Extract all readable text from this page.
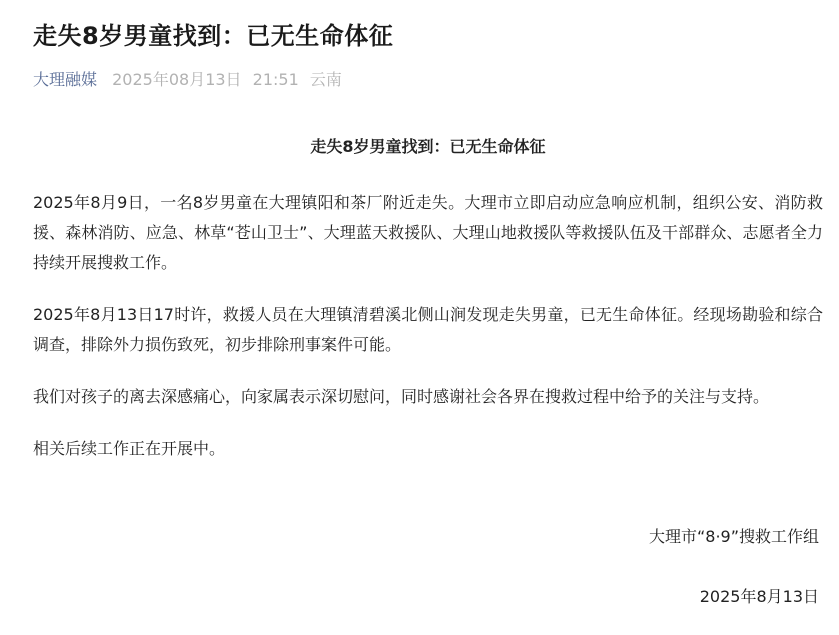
走失8岁男童找到：已无生命体征
大理融媒 2025年08月13日 21:51 云南
走失8岁男童找到：已无生命体征

2025年8月9日，一名8岁男童在大理镇阳和茶厂附近走失。大理市立即启动应急响应机制，组织公安、消防救援、森林消防、应急、林草“苍山卫士”、大理蓝天救援队、大理山地救援队等救援队伍及干部群众、志愿者全力持续开展搜救工作。

2025年8月13日17时许，救援人员在大理镇清碧溪北侧山涧发现走失男童，已无生命体征。经现场勘验和综合调查，排除外力损伤致死，初步排除刑事案件可能。

我们对孩子的离去深感痛心，向家属表示深切慰问，同时感谢社会各界在搜救过程中给予的关注与支持。

相关后续工作正在开展中。

大理市“8·9”搜救工作组
2025年8月13日
